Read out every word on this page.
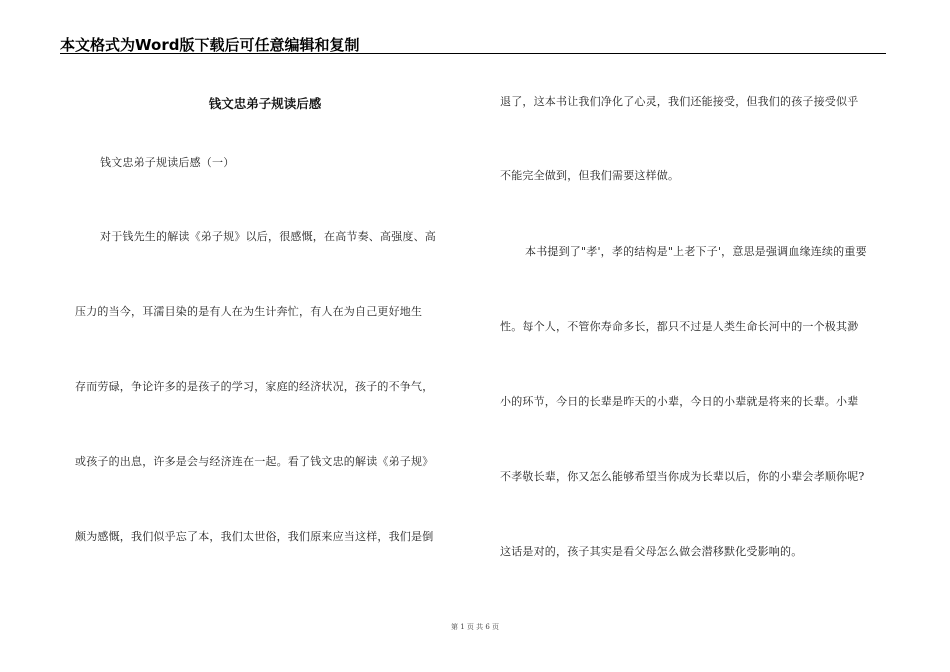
本文格式为Word版下载后可任意编辑和复制
钱文忠弟子规读后感
钱文忠弟子规读后感（一）
对于钱先生的解读《弟子规》以后，很感慨，在高节奏、高强度、高
压力的当今，耳濡目染的是有人在为生计奔忙，有人在为自己更好地生
存而劳碌，争论许多的是孩子的学习，家庭的经济状况，孩子的不争气，
或孩子的出息，许多是会与经济连在一起。看了钱文忠的解读《弟子规》
颇为感慨，我们似乎忘了本，我们太世俗，我们原来应当这样，我们是倒
退了，这本书让我们净化了心灵，我们还能接受，但我们的孩子接受似乎
不能完全做到，但我们需要这样做。
本书提到了"孝'，孝的结构是"上老下子'，意思是强调血缘连续的重要
性。每个人，不管你寿命多长，都只不过是人类生命长河中的一个极其渺
小的环节，今日的长辈是昨天的小辈，今日的小辈就是将来的长辈。小辈
不孝敬长辈，你又怎么能够希望当你成为长辈以后，你的小辈会孝顺你呢?
这话是对的，孩子其实是看父母怎么做会潜移默化受影响的。
第 1 页 共 6 页
